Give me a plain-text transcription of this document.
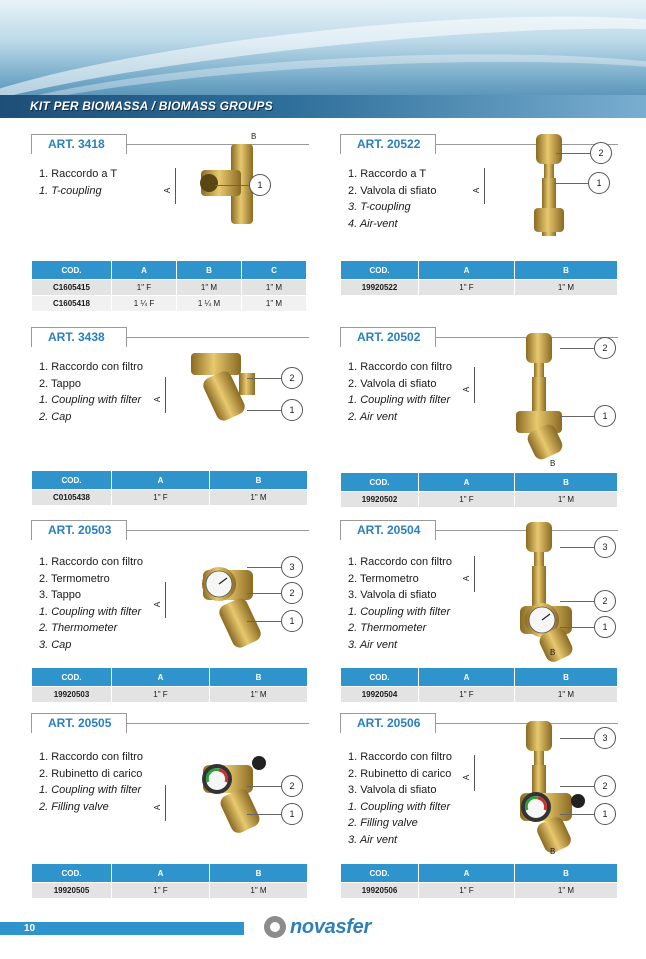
KIT PER BIOMASSA / BIOMASS GROUPS
ART. 3418
1. Raccordo a T
1. T-coupling	A
B
1
COD.	A	B	C
C1605415	1" F	1" M	1" M
C1605418	1 ¼ F	1 ¼ M	1" M
ART. 20522
1. Raccordo a T
2. Valvola di sfiato
3. T-coupling
4. Air-vent
A
2
1
COD.	A	B
19920522	1" F	1" M
ART. 3438
1. Raccordo con filtro
2. Tappo
1. Coupling with filter
2. Cap
A
2
1
COD.	A	B
C0105438	1" F	1" M
ART. 20502
1. Raccordo con filtro
2. Valvola di sfiato
1. Coupling with filter
2. Air vent
A
B
2
1
COD.	A	B
19920502	1" F	1" M
ART. 20503
1. Raccordo con filtro
2. Termometro
3. Tappo
1. Coupling with filter
2. Thermometer
3. Cap
A
3
2
1
COD.	A	B
19920503	1" F	1" M
ART. 20504
1. Raccordo con filtro
2. Termometro
3. Valvola di sfiato
1. Coupling with filter
2. Thermometer
3. Air vent
A
B
3
2
1
COD.	A	B
19920504	1" F	1" M
ART. 20505
1. Raccordo con filtro
2. Rubinetto di carico
1. Coupling with filter
2. Filling valve	A
2
1
COD.	A	B
19920505	1" F	1" M
ART. 20506
1. Raccordo con filtro
2. Rubinetto di carico
3. Valvola di sfiato
1. Coupling with filter
2. Filling valve
3. Air vent
A
B
3
2
1
COD.	A	B
19920506	1" F	1" M
10	novasfer
